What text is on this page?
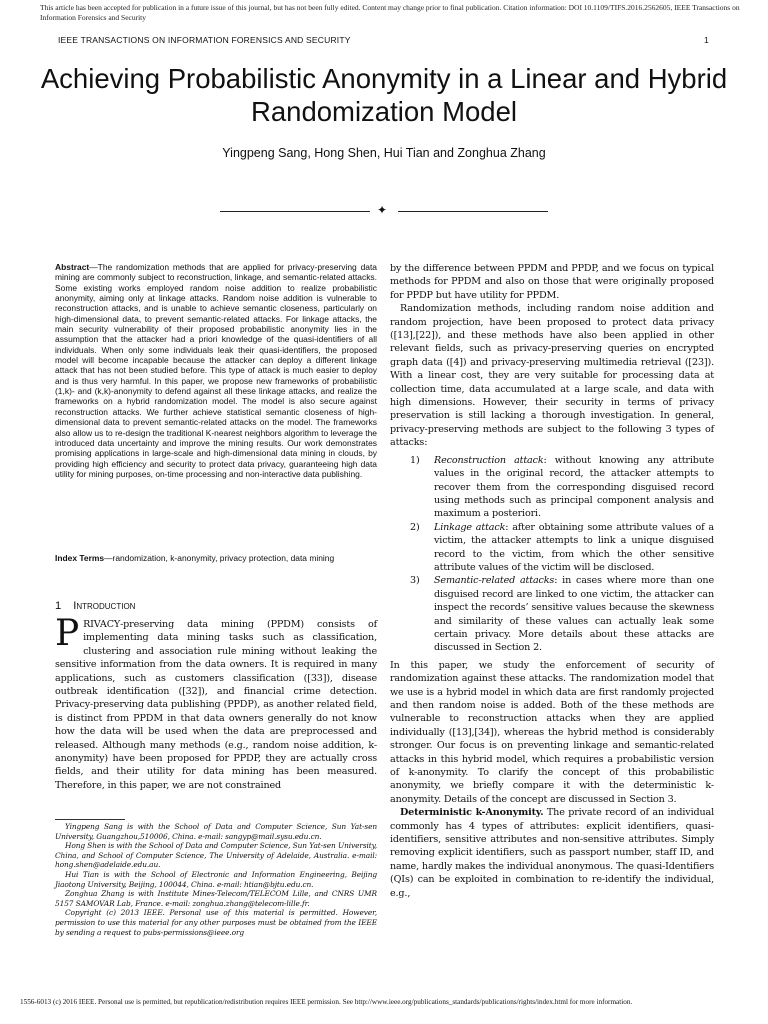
This article has been accepted for publication in a future issue of this journal, but has not been fully edited. Content may change prior to final publication. Citation information: DOI 10.1109/TIFS.2016.2562605, IEEE Transactions on Information Forensics and Security
IEEE TRANSACTIONS ON INFORMATION FORENSICS AND SECURITY	1
Achieving Probabilistic Anonymity in a Linear and Hybrid Randomization Model
Yingpeng Sang, Hong Shen, Hui Tian and Zonghua Zhang
✦
Abstract—The randomization methods that are applied for privacy-preserving data mining are commonly subject to reconstruction, linkage, and semantic-related attacks. Some existing works employed random noise addition to realize probabilistic anonymity, aiming only at linkage attacks. Random noise addition is vulnerable to reconstruction attacks, and is unable to achieve semantic closeness, particularly on high-dimensional data, to prevent semantic-related attacks. For linkage attacks, the main security vulnerability of their proposed probabilistic anonymity lies in the assumption that the attacker had a priori knowledge of the quasi-identifiers of all individuals. When only some individuals leak their quasi-identifiers, the proposed model will become incapable because the attacker can deploy a different linkage attack that has not been studied before. This type of attack is much easier to deploy and is thus very harmful. In this paper, we propose new frameworks of probabilistic (1,k)- and (k,k)-anonymity to defend against all these linkage attacks, and realize the frameworks on a hybrid randomization model. The model is also secure against reconstruction attacks. We further achieve statistical semantic closeness of high-dimensional data to prevent semantic-related attacks on the model. The frameworks also allow us to re-design the traditional K-nearest neighbors algorithm to leverage the introduced data uncertainty and improve the mining results. Our work demonstrates promising applications in large-scale and high-dimensional data mining in clouds, by providing high efficiency and security to protect data privacy, guaranteeing high data utility for mining purposes, on-time processing and non-interactive data publishing.
Index Terms—randomization, k-anonymity, privacy protection, data mining
1 Introduction
PRIVACY-preserving data mining (PPDM) consists of implementing data mining tasks such as classification, clustering and association rule mining without leaking the sensitive information from the data owners. It is required in many applications, such as customers classification ([33]), disease outbreak identification ([32]), and financial crime detection. Privacy-preserving data publishing (PPDP), as another related field, is distinct from PPDM in that data owners generally do not know how the data will be used when the data are preprocessed and released. Although many methods (e.g., random noise addition, k-anonymity) have been proposed for PPDP, they are actually cross fields, and their utility for data mining has been measured. Therefore, in this paper, we are not constrained

Yingpeng Sang is with the School of Data and Computer Science, Sun Yat-sen University, Guangzhou,510006, China. e-mail: sangyp@mail.sysu.edu.cn.

Hong Shen is with the School of Data and Computer Science, Sun Yat-sen University, China, and School of Computer Science, The University of Adelaide, Australia. e-mail: hong.shen@adelaide.edu.au.

Hui Tian is with the School of Electronic and Information Engineering, Beijing Jiaotong University, Beijing, 100044, China. e-mail: htian@bjtu.edu.cn.

Zonghua Zhang is with Institute Mines-Telecom/TELECOM Lille, and CNRS UMR 5157 SAMOVAR Lab, France. e-mail: zonghua.zhang@telecom-lille.fr.

Copyright (c) 2013 IEEE. Personal use of this material is permitted. However, permission to use this material for any other purposes must be obtained from the IEEE by sending a request to pubs-permissions@ieee.org

by the difference between PPDM and PPDP, and we focus on typical methods for PPDM and also on those that were originally proposed for PPDP but have utility for PPDM.

Randomization methods, including random noise addition and random projection, have been proposed to protect data privacy ([13],[22]), and these methods have also been applied in other relevant fields, such as privacy-preserving queries on encrypted graph data ([4]) and privacy-preserving multimedia retrieval ([23]). With a linear cost, they are very suitable for processing data at collection time, data accumulated at a large scale, and data with high dimensions. However, their security in terms of privacy preservation is still lacking a thorough investigation. In general, privacy-preserving methods are subject to the following 3 types of attacks:

1) Reconstruction attack: without knowing any attribute values in the original record, the attacker attempts to recover them from the corresponding disguised record using methods such as principal component analysis and maximum a posteriori.
2) Linkage attack: after obtaining some attribute values of a victim, the attacker attempts to link a unique disguised record to the victim, from which the other sensitive attribute values of the victim will be disclosed.
3) Semantic-related attacks: in cases where more than one disguised record are linked to one victim, the attacker can inspect the records’ sensitive values because the skewness and similarity of these values can actually leak some certain privacy. More details about these attacks are discussed in Section 2.

In this paper, we study the enforcement of security of randomization against these attacks. The randomization model that we use is a hybrid model in which data are first randomly projected and then random noise is added. Both of the these methods are vulnerable to reconstruction attacks when they are applied individually ([13],[34]), whereas the hybrid method is considerably stronger. Our focus is on preventing linkage and semantic-related attacks in this hybrid model, which requires a probabilistic version of k-anonymity. To clarify the concept of this probabilistic anonymity, we briefly compare it with the deterministic k-anonymity. Details of the concept are discussed in Section 3.

Deterministic k-Anonymity. The private record of an individual commonly has 4 types of attributes: explicit identifiers, quasi-identifiers, sensitive attributes and non-sensitive attributes. Simply removing explicit identifiers, such as passport number, staff ID, and name, hardly makes the individual anonymous. The quasi-Identifiers (QIs) can be exploited in combination to re-identify the individual, e.g.,

1556-6013 (c) 2016 IEEE. Personal use is permitted, but republication/redistribution requires IEEE permission. See http://www.ieee.org/publications_standards/publications/rights/index.html for more information.
